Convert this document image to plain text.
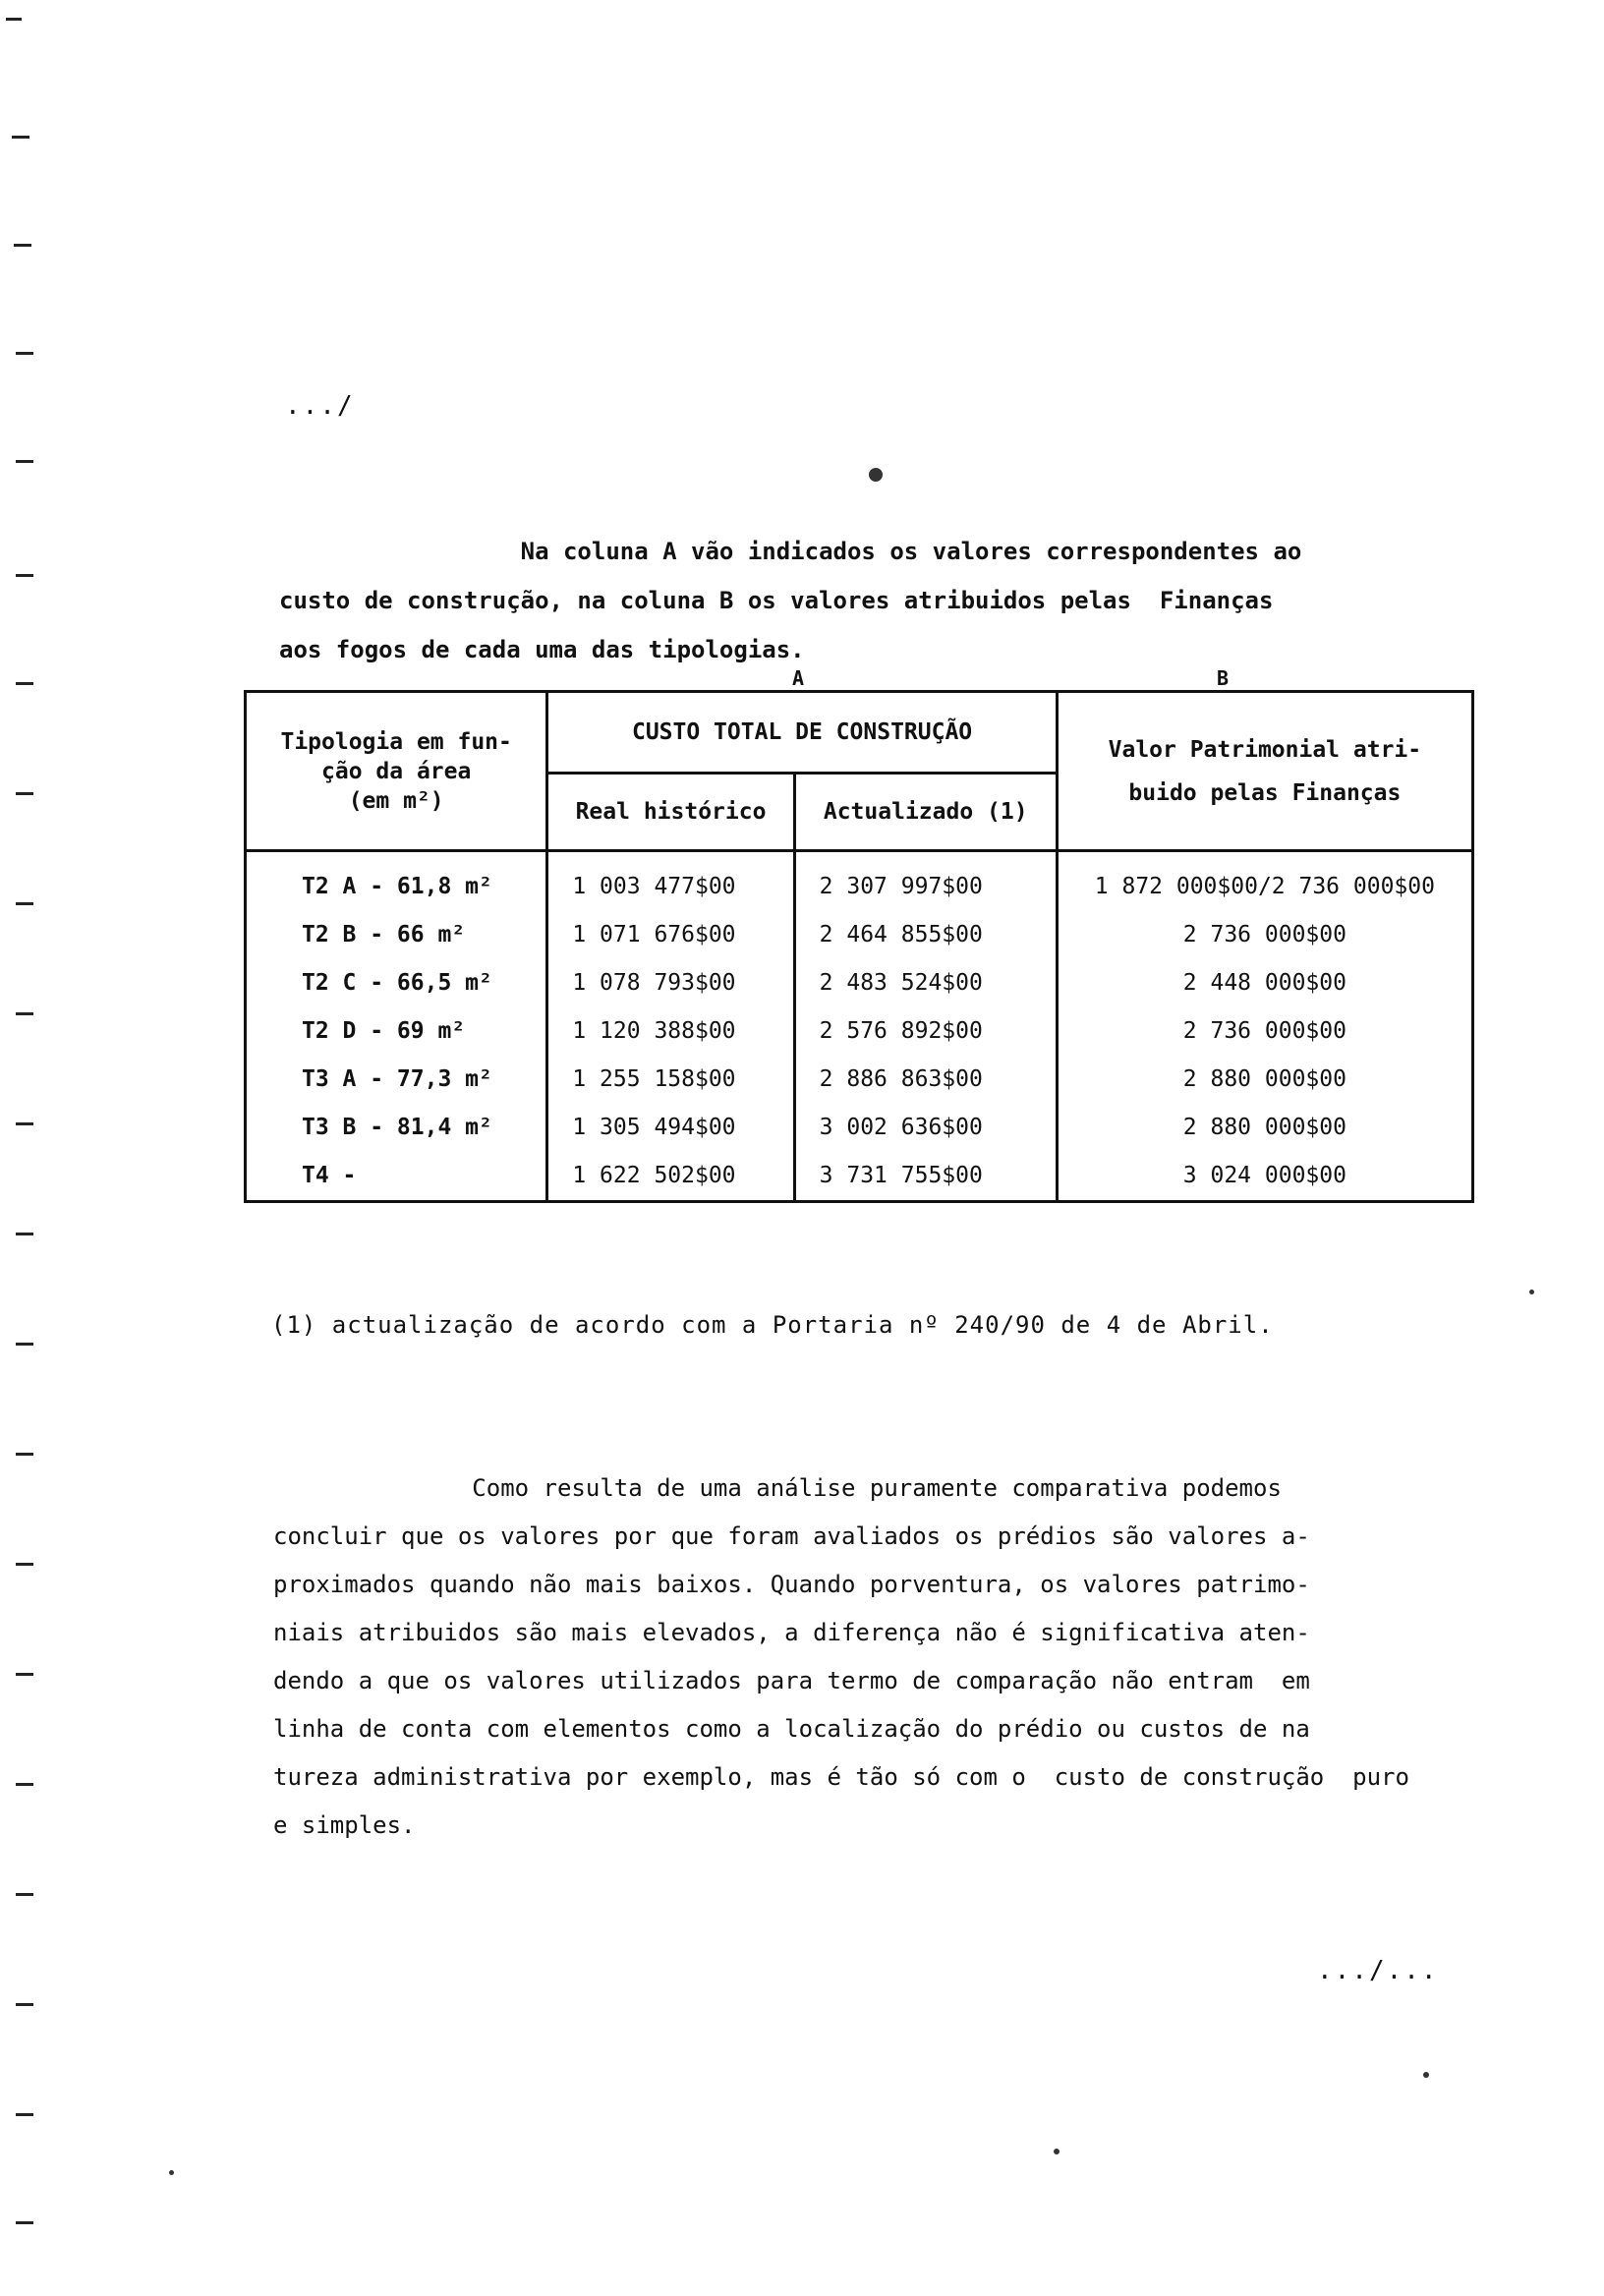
.../
Na coluna A vão indicados os valores correspondentes ao
custo de construção, na coluna B os valores atribuidos pelas  Finanças
aos fogos de cada uma das tipologias.
A	B
Tipologia em fun-
ção da área
(em m²)	CUSTO TOTAL DE CONSTRUÇÃO		Valor Patrimonial atri-
buido pelas Finanças
	Real histórico	Actualizado (1)	
T2 A - 61,8 m²	1 003 477$00	2 307 997$00	1 872 000$00/2 736 000$00
T2 B - 66 m²	1 071 676$00	2 464 855$00	2 736 000$00
T2 C - 66,5 m²	1 078 793$00	2 483 524$00	2 448 000$00
T2 D - 69 m²	1 120 388$00	2 576 892$00	2 736 000$00
T3 A - 77,3 m²	1 255 158$00	2 886 863$00	2 880 000$00
T3 B - 81,4 m²	1 305 494$00	3 002 636$00	2 880 000$00
T4 -	1 622 502$00	3 731 755$00	3 024 000$00
(1) actualização de acordo com a Portaria nº 240/90 de 4 de Abril.
Como resulta de uma análise puramente comparativa podemos
concluir que os valores por que foram avaliados os prédios são valores a-
proximados quando não mais baixos. Quando porventura, os valores patrimo-
niais atribuidos são mais elevados, a diferença não é significativa aten-
dendo a que os valores utilizados para termo de comparação não entram  em
linha de conta com elementos como a localização do prédio ou custos de na
tureza administrativa por exemplo, mas é tão só com o  custo de construção  puro
e simples.
.../...
